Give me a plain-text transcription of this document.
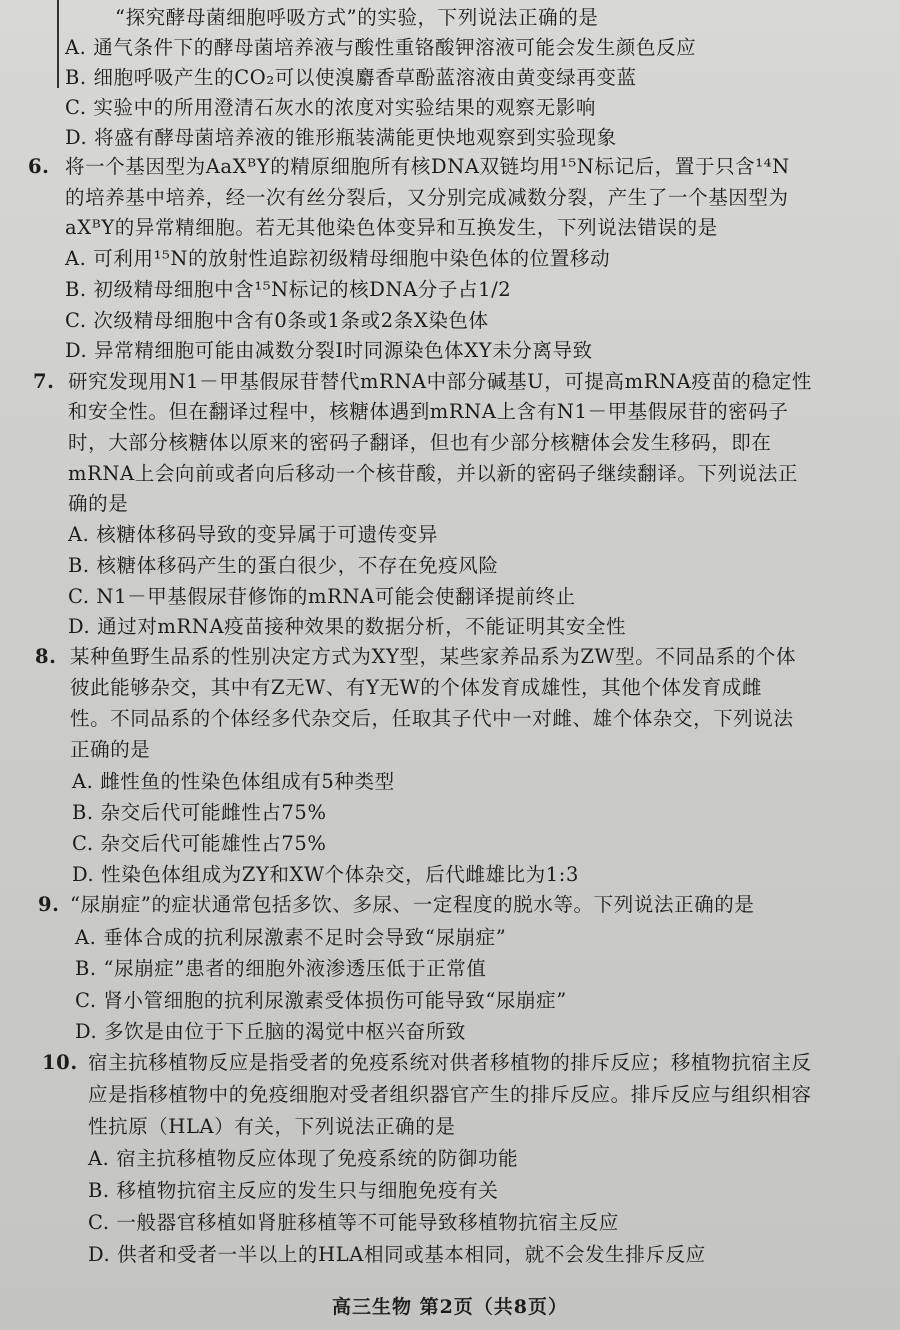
“探究酵母菌细胞呼吸方式”的实验，下列说法正确的是
A. 通气条件下的酵母菌培养液与酸性重铬酸钾溶液可能会发生颜色反应
B. 细胞呼吸产生的CO₂可以使溴麝香草酚蓝溶液由黄变绿再变蓝
C. 实验中的所用澄清石灰水的浓度对实验结果的观察无影响
D. 将盛有酵母菌培养液的锥形瓶装满能更快地观察到实验现象
6. 将一个基因型为AaXᴮY的精原细胞所有核DNA双链均用¹⁵N标记后，置于只含¹⁴N
的培养基中培养，经一次有丝分裂后，又分别完成减数分裂，产生了一个基因型为
aXᴮY的异常精细胞。若无其他染色体变异和互换发生，下列说法错误的是
A. 可利用¹⁵N的放射性追踪初级精母细胞中染色体的位置移动
B. 初级精母细胞中含¹⁵N标记的核DNA分子占1/2
C. 次级精母细胞中含有0条或1条或2条X染色体
D. 异常精细胞可能由减数分裂Ⅰ时同源染色体XY未分离导致
7. 研究发现用N1－甲基假尿苷替代mRNA中部分碱基U，可提高mRNA疫苗的稳定性
和安全性。但在翻译过程中，核糖体遇到mRNA上含有N1－甲基假尿苷的密码子
时，大部分核糖体以原来的密码子翻译，但也有少部分核糖体会发生移码，即在
mRNA上会向前或者向后移动一个核苷酸，并以新的密码子继续翻译。下列说法正
确的是
A. 核糖体移码导致的变异属于可遗传变异
B. 核糖体移码产生的蛋白很少，不存在免疫风险
C. N1－甲基假尿苷修饰的mRNA可能会使翻译提前终止
D. 通过对mRNA疫苗接种效果的数据分析，不能证明其安全性
8. 某种鱼野生品系的性别决定方式为XY型，某些家养品系为ZW型。不同品系的个体
彼此能够杂交，其中有Z无W、有Y无W的个体发育成雄性，其他个体发育成雌
性。不同品系的个体经多代杂交后，任取其子代中一对雌、雄个体杂交，下列说法
正确的是
A. 雌性鱼的性染色体组成有5种类型
B. 杂交后代可能雌性占75%
C. 杂交后代可能雄性占75%
D. 性染色体组成为ZY和XW个体杂交，后代雌雄比为1:3
9. “尿崩症”的症状通常包括多饮、多尿、一定程度的脱水等。下列说法正确的是
A. 垂体合成的抗利尿激素不足时会导致“尿崩症”
B. “尿崩症”患者的细胞外液渗透压低于正常值
C. 肾小管细胞的抗利尿激素受体损伤可能导致“尿崩症”
D. 多饮是由位于下丘脑的渴觉中枢兴奋所致
10. 宿主抗移植物反应是指受者的免疫系统对供者移植物的排斥反应；移植物抗宿主反
应是指移植物中的免疫细胞对受者组织器官产生的排斥反应。排斥反应与组织相容
性抗原（HLA）有关，下列说法正确的是
A. 宿主抗移植物反应体现了免疫系统的防御功能
B. 移植物抗宿主反应的发生只与细胞免疫有关
C. 一般器官移植如肾脏移植等不可能导致移植物抗宿主反应
D. 供者和受者一半以上的HLA相同或基本相同，就不会发生排斥反应
高三生物 第2页（共8页）
